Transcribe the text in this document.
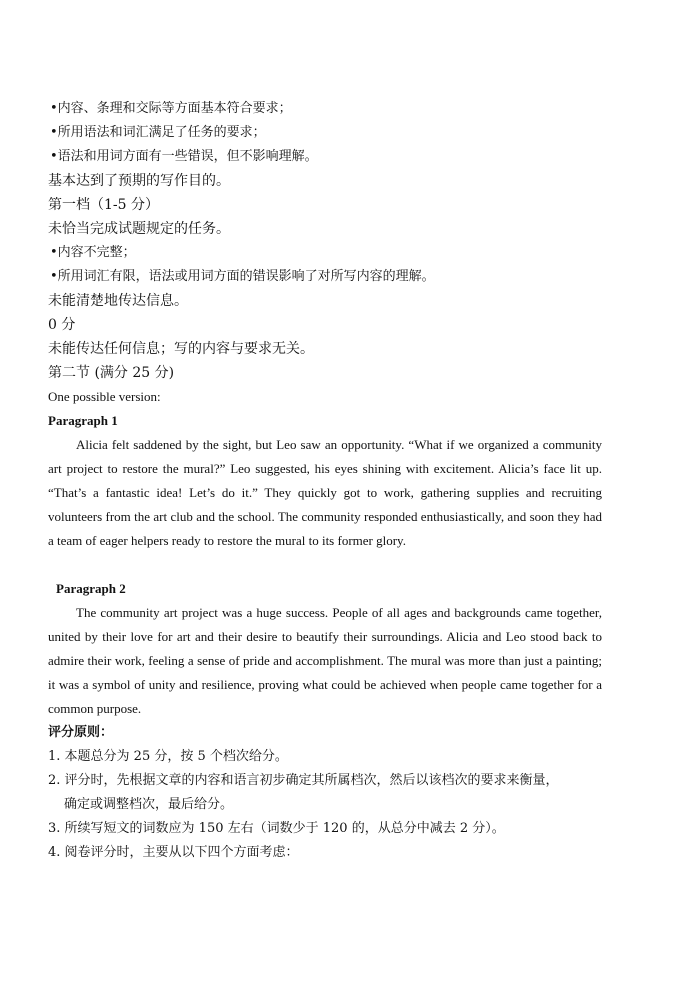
•内容、条理和交际等方面基本符合要求；
•所用语法和词汇满足了任务的要求；
•语法和用词方面有一些错误，但不影响理解。
基本达到了预期的写作目的。
第一档（1-5 分）
未恰当完成试题规定的任务。
•内容不完整；
•所用词汇有限，语法或用词方面的错误影响了对所写内容的理解。
未能清楚地传达信息。
0 分
未能传达任何信息；写的内容与要求无关。
第二节 (满分 25 分)
One possible version:
Paragraph 1
Alicia felt saddened by the sight, but Leo saw an opportunity. “What if we organized a community art project to restore the mural?” Leo suggested, his eyes shining with excitement. Alicia’s face lit up. “That’s a fantastic idea! Let’s do it.” They quickly got to work, gathering supplies and recruiting volunteers from the art club and the school. The community responded enthusiastically, and soon they had a team of eager helpers ready to restore the mural to its former glory.
Paragraph 2
The community art project was a huge success. People of all ages and backgrounds came together, united by their love for art and their desire to beautify their surroundings. Alicia and Leo stood back to admire their work, feeling a sense of pride and accomplishment. The mural was more than just a painting; it was a symbol of unity and resilience, proving what could be achieved when people came together for a common purpose.
评分原则：
1. 本题总分为 25 分，按 5 个档次给分。
2. 评分时，先根据文章的内容和语言初步确定其所属档次，然后以该档次的要求来衡量，
确定或调整档次，最后给分。
3. 所续写短文的词数应为 150 左右（词数少于 120 的，从总分中减去 2 分）。
4. 阅卷评分时，主要从以下四个方面考虑：
